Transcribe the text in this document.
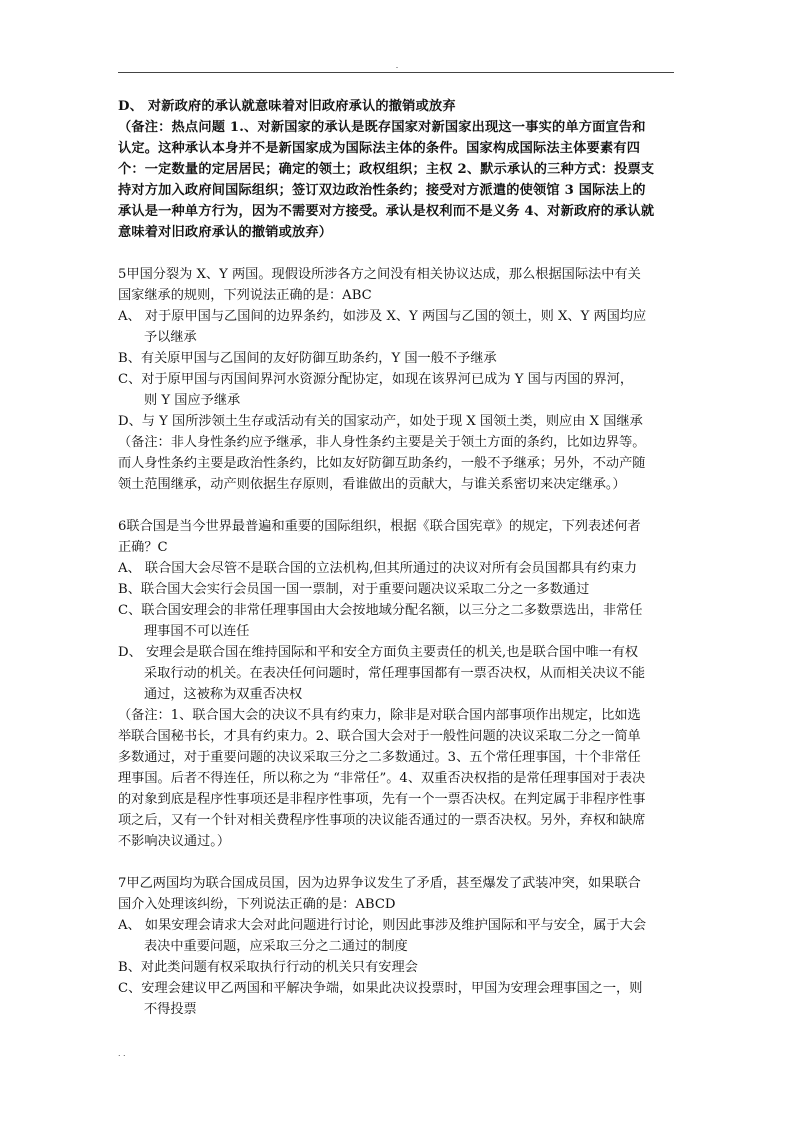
.
D、 对新政府的承认就意味着对旧政府承认的撤销或放弃
（备注：热点问题 1.、对新国家的承认是既存国家对新国家出现这一事实的单方面宣告和
认定。这种承认本身并不是新国家成为国际法主体的条件。国家构成国际法主体要素有四
个：一定数量的定居居民；确定的领土；政权组织；主权 2、默示承认的三种方式：投票支
持对方加入政府间国际组织；签订双边政治性条约；接受对方派遣的使领馆 3 国际法上的
承认是一种单方行为，因为不需要对方接受。承认是权利而不是义务 4、对新政府的承认就
意味着对旧政府承认的撤销或放弃）
5甲国分裂为 X、Y 两国。现假设所涉各方之间没有相关协议达成，那么根据国际法中有关
国家继承的规则，下列说法正确的是：ABC
A、 对于原甲国与乙国间的边界条约，如涉及 X、Y 两国与乙国的领土，则 X、Y 两国均应
予以继承
B、有关原甲国与乙国间的友好防御互助条约，Y 国一般不予继承
C、对于原甲国与丙国间界河水资源分配协定，如现在该界河已成为 Y 国与丙国的界河，
则 Y 国应予继承
D、与 Y 国所涉领土生存或活动有关的国家动产，如处于现 X 国领土类，则应由 X 国继承
（备注：非人身性条约应予继承，非人身性条约主要是关于领土方面的条约，比如边界等。
而人身性条约主要是政治性条约，比如友好防御互助条约，一般不予继承；另外，不动产随
领土范围继承，动产则依据生存原则，看谁做出的贡献大，与谁关系密切来决定继承。）
6联合国是当今世界最普遍和重要的国际组织，根据《联合国宪章》的规定，下列表述何者
正确？C
A、 联合国大会尽管不是联合国的立法机构,但其所通过的决议对所有会员国都具有约束力
B、联合国大会实行会员国一国一票制，对于重要问题决议采取二分之一多数通过
C、联合国安理会的非常任理事国由大会按地域分配名额，以三分之二多数票选出，非常任
理事国不可以连任
D、 安理会是联合国在维持国际和平和安全方面负主要责任的机关,也是联合国中唯一有权
采取行动的机关。在表决任何问题时，常任理事国都有一票否决权，从而相关决议不能
通过，这被称为双重否决权
（备注：1、联合国大会的决议不具有约束力，除非是对联合国内部事项作出规定，比如选
举联合国秘书长，才具有约束力。2、联合国大会对于一般性问题的决议采取二分之一简单
多数通过，对于重要问题的决议采取三分之二多数通过。3、五个常任理事国，十个非常任
理事国。后者不得连任，所以称之为 “非常任”。4、双重否决权指的是常任理事国对于表决
的对象到底是程序性事项还是非程序性事项，先有一个一票否决权。在判定属于非程序性事
项之后，又有一个针对相关费程序性事项的决议能否通过的一票否决权。另外，弃权和缺席
不影响决议通过。）
7甲乙两国均为联合国成员国，因为边界争议发生了矛盾，甚至爆发了武装冲突，如果联合
国介入处理该纠纷，下列说法正确的是：ABCD
A、 如果安理会请求大会对此问题进行讨论，则因此事涉及维护国际和平与安全，属于大会
表决中重要问题，应采取三分之二通过的制度
B、对此类问题有权采取执行行动的机关只有安理会
C、安理会建议甲乙两国和平解决争端，如果此决议投票时，甲国为安理会理事国之一，则
不得投票
. .
